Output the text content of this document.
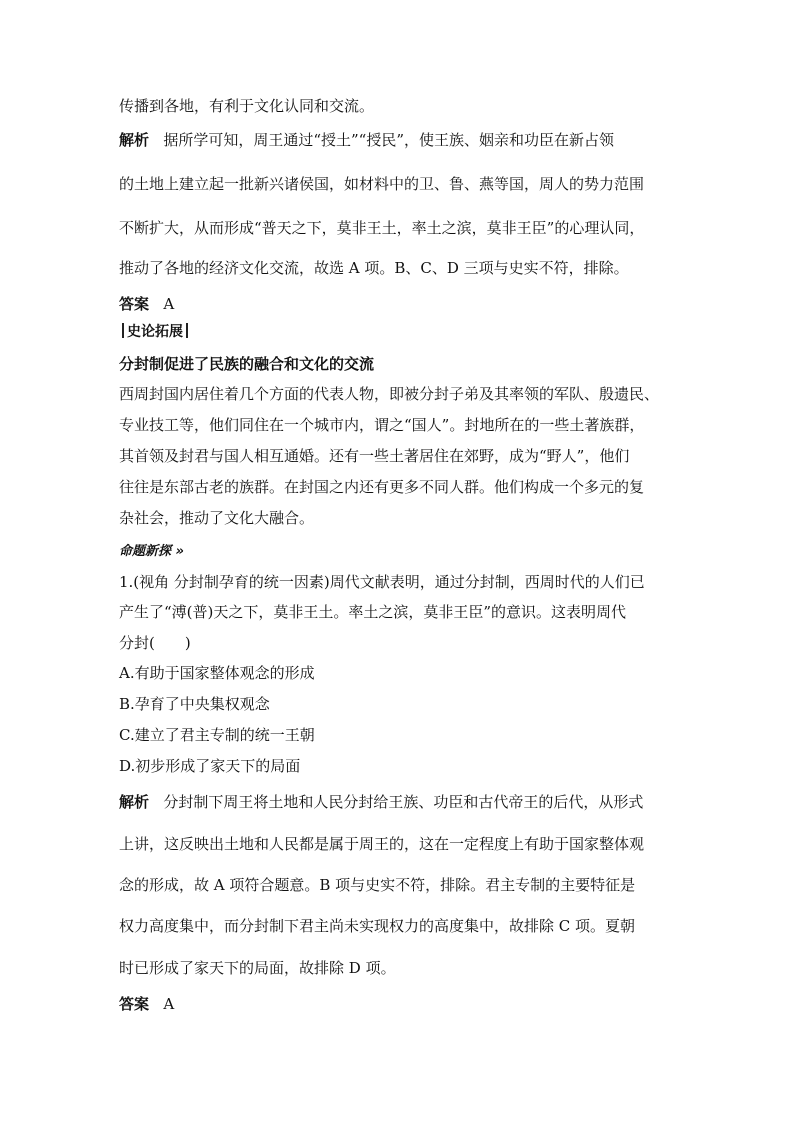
传播到各地，有利于文化认同和交流。
解析 据所学可知，周王通过“授土”“授民”，使王族、姻亲和功臣在新占领
的土地上建立起一批新兴诸侯国，如材料中的卫、鲁、燕等国，周人的势力范围
不断扩大，从而形成“普天之下，莫非王土，率土之滨，莫非王臣”的心理认同，
推动了各地的经济文化交流，故选 A 项。B、C、D 三项与史实不符，排除。
答案 A
史论拓展
分封制促进了民族的融合和文化的交流
西周封国内居住着几个方面的代表人物，即被分封子弟及其率领的军队、殷遗民、
专业技工等，他们同住在一个城市内，谓之“国人”。封地所在的一些土著族群，
其首领及封君与国人相互通婚。还有一些土著居住在郊野，成为“野人”，他们
往往是东部古老的族群。在封国之内还有更多不同人群。他们构成一个多元的复
杂社会，推动了文化大融合。
命题新探 »
1.(视角 分封制孕育的统一因素)周代文献表明，通过分封制，西周时代的人们已
产生了“溥(普)天之下，莫非王土。率土之滨，莫非王臣”的意识。这表明周代
分封(　　)
A.有助于国家整体观念的形成
B.孕育了中央集权观念
C.建立了君主专制的统一王朝
D.初步形成了家天下的局面
解析 分封制下周王将土地和人民分封给王族、功臣和古代帝王的后代，从形式
上讲，这反映出土地和人民都是属于周王的，这在一定程度上有助于国家整体观
念的形成，故 A 项符合题意。B 项与史实不符，排除。君主专制的主要特征是
权力高度集中，而分封制下君主尚未实现权力的高度集中，故排除 C 项。夏朝
时已形成了家天下的局面，故排除 D 项。
答案 A
